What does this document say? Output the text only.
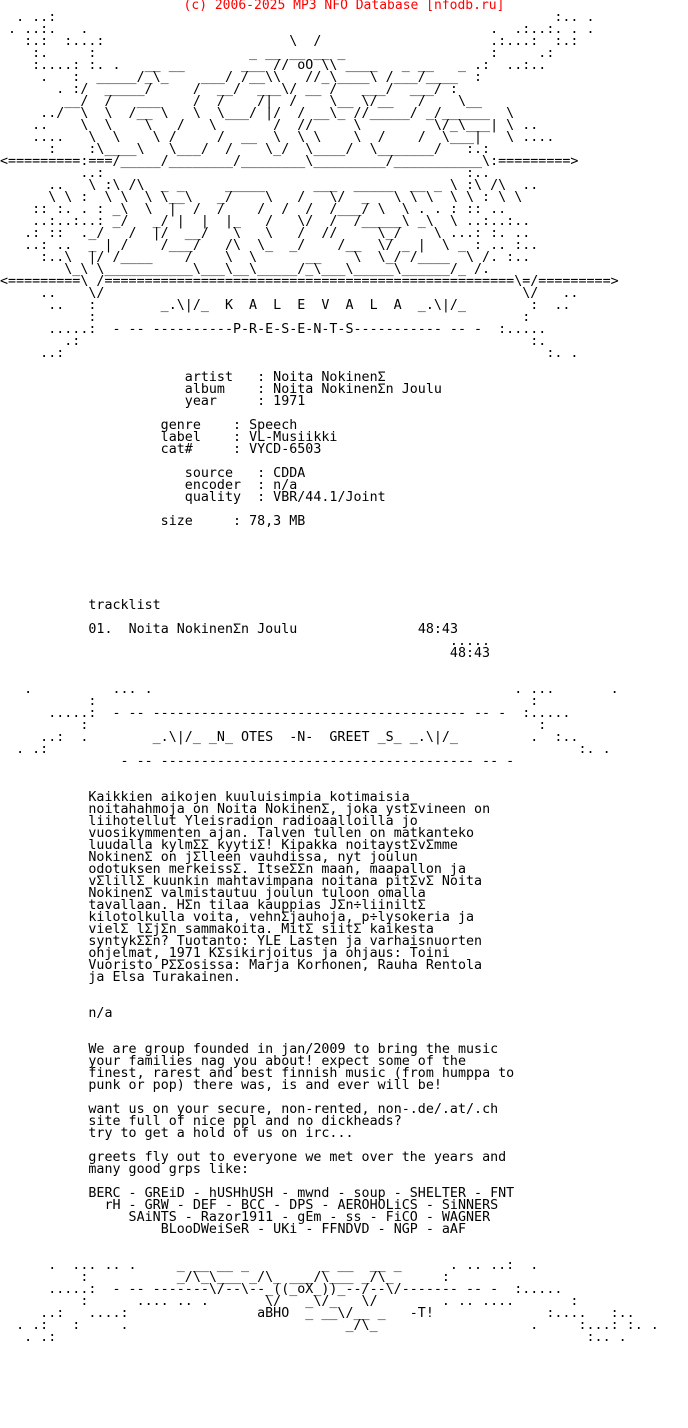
(c) 2006-2025 MP3 NFO Database [nfodb.ru]
. ..:                                                              :.. .
. ..:.   .                                                  .  .:..:. . .
:.:  :...:                       \  /                     .:...:  :.:
:.     :                   _ __ __ __ _                  :     .:
:....: :. .   __ __       ___ // oO \\ ____   _ __   _ .:  ..:..
.   :  _____/_\_    ___/ /__\\   //_\____\ /___/____  :
. :/  _____/     /  __/  ___\/ __ /   ___/  ___/ :
__/  /   ___    /  /    /|  /    \__ \/__   /    \__
../  \  \  /__ \   \  \___/ |/  / __\_ //_____/ _/______  \
..    \  \    \   /   \       /  //     \         \/_\___| \ ..
....   \  \    \ /     /  __  \  \ \    \  /    /  \___|   \ ....
:    :\____\   \___/  /    \_/  \____/  \_______/   :.:
<=========:===/_____/________/________\_________/___________\:=========>
..:                                             :..
..   \ :\ /\  _ _     _____      ___  _____  __ _ \ :\ /\  ..
\ \ :  \ \  \ \__\   _/    \   /   \/  _   \ \ \  \ \ : \ \
:: :. . : _\  \  |  /  /    /  /  /  /___/ \  \ . . : :: ..
..:..:..: _/   _/ |  |  |_   /   \/  /  /_____\ _\  \ ..:..:..
.: ::  ._/   /  |/  __/   \   \   /  //     \_/    \ ...: :. ..
..: ..  _ | /    /___/   /\  \_  _/    /__  \/ _ |  \ _ : .. :..
:..\  |/ /____    /    \  \      __    \  \_/ /____  \ /. :..
\_\ \___________\___\__\_____/_\___\_____\______/_ /.
<=========\ /===================================================\=/=========>
..    \/                                                    \/   ..
..   :        _.\|/_  K  A  L  E  V  A  L  A  _.\|/_        :  ..
:                                                     :
.....:  - -- ----------P-R-E-S-E-N-T-S----------- -- -  :.....
.:                                                        :.
..:                                                            :. .

artist   : Noita NokinenΣ
album    : Noita NokinenΣn Joulu
year     : 1971

genre    : Speech
label    : VL-Musiikki
cat#     : VYCD-6503

source   : CDDA
encoder  : n/a
quality  : VBR/44.1/Joint

size     : 78,3 MB

tracklist

01. Noita NokinenΣn Joulu               48:43
.....
48:43

.          ... .                                             . ...       .
:                                                      :
.....:  - -- --------------------------------------- -- -  :.....
:                                                        :
..:  .        _.\|/_ _N_ OTES  -N-  GREET _S_ _.\|/_         .  :..
. .:                                                                  :. .
- -- --------------------------------------- -- -

Kaikkien aikojen kuuluisimpia kotimaisia
noitahahmoja on Noita NokinenΣ, joka ystΣvineen on
liihotellut Yleisradion radioaalloilla jo
vuosikymmenten ajan. Talven tullen on matkanteko
luudalla kylmΣΣ kyytiΣ! Kipakka noitaystΣvΣmme
NokinenΣ on jΣlleen vauhdissa, nyt joulun
odotuksen merkeissΣ. ItseΣΣn maan, maapallon ja
vΣlillΣ kuunkin mahtavimpana noitana pitΣvΣ Noita
NokinenΣ valmistautuu joulun tuloon omalla
tavallaan. HΣn tilaa kauppias JΣn÷liiniltΣ
kilotolkulla voita, vehnΣjauhoja, p÷lysokeria ja
vielΣ lΣjΣn sammakoita. MitΣ siitΣ kaikesta
syntykΣΣn? Tuotanto: YLE Lasten ja varhaisnuorten
ohjelmat, 1971 KΣsikirjoitus ja ohjaus: Toini
Vuoristo PΣΣosissa: Marja Korhonen, Rauha Rentola
ja Elsa Turakainen.

n/a

We are group founded in jan/2009 to bring the music
your families nag you about! expect some of the
finest, rarest and best finnish music (from humppa to
punk or pop) there was, is and ever will be!

want us on your secure, non-rented, non-.de/.at/.ch
site full of nice ppl and no dickheads?
try to get a hold of us on irc...

greets fly out to everyone we met over the years and
many good grps like:

BERC - GREiD - hUSHhUSH - mwnd - soup - SHELTER - FNT
rH - GRW - DEF - BCC - DPS - AEROHOLiCS - SiNNERS
SAiNTS - Razor1911 - gEm - ss - FiCO - WAGNER
BLooDWeiSeR - UKi - FFNDVD - NGP - aAF

.  ... .. .     _ __ __ _         _ __  __ _      . .. ..:  .
:           _/\_\___ _/\_ ___/\___ _/\_      :
.....:  - -- -------\/--\--_((_oX_))_--/--\/------- -- -  :.....
:      .... .. .       \/   _\/_   \/        . .. ....       :
..:   ....:                aBHO  _ __\/__ _   -T!              :....   :..
. .:   :     .                           _/\_                   .     :...: :. .
. .:                                                                  :.. .
